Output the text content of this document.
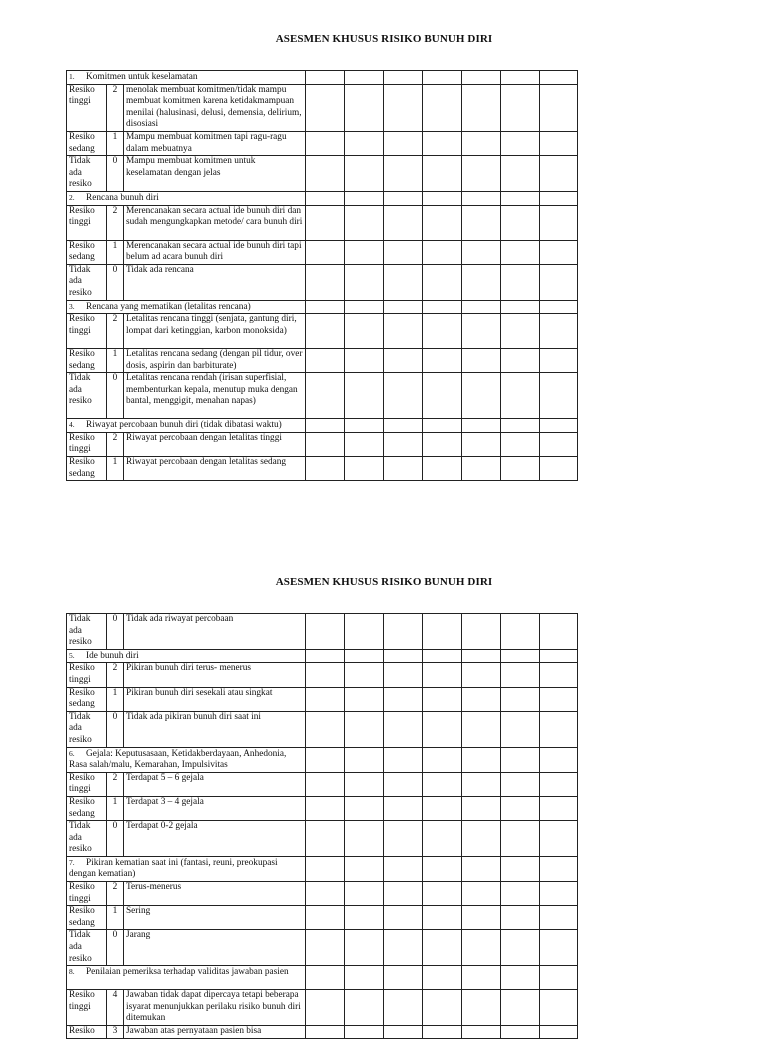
ASESMEN KHUSUS RISIKO BUNUH DIRI
1. Komitmen untuk keselamatan									
Resiko tinggi	2	menolak membuat komitmen/tidak mampu membuat komitmen karena ketidakmampuan menilai (halusinasi, delusi, demensia, delirium, disosiasi							
Resiko sedang	1	Mampu membuat komitmen tapi ragu-ragu dalam mebuatnya							
Tidak ada resiko	0	Mampu membuat komitmen untuk keselamatan dengan jelas							
2. Rencana bunuh diri									
Resiko tinggi	2	Merencanakan secara actual ide bunuh diri dan sudah mengungkapkan metode/ cara bunuh diri							
Resiko sedang	1	Merencanakan secara actual ide bunuh diri tapi belum ad acara bunuh diri							
Tidak ada resiko	0	Tidak ada rencana							
3. Rencana yang mematikan (letalitas rencana)									
Resiko tinggi	2	Letalitas rencana tinggi (senjata, gantung diri, lompat dari ketinggian, karbon monoksida)							
Resiko sedang	1	Letalitas rencana sedang (dengan pil tidur, over dosis, aspirin dan barbiturate)							
Tidak ada resiko	0	Letalitas rencana rendah (irisan superfisial, membenturkan kepala, menutup muka dengan bantal, menggigit, menahan napas)							
4. Riwayat percobaan bunuh diri (tidak dibatasi waktu)									
Resiko tinggi	2	Riwayat percobaan dengan letalitas tinggi							
Resiko sedang	1	Riwayat percobaan dengan letalitas sedang							
ASESMEN KHUSUS RISIKO BUNUH DIRI
Tidak ada resiko	0	Tidak ada riwayat percobaan							
5. Ide bunuh diri									
Resiko tinggi	2	Pikiran bunuh diri terus- menerus							
Resiko sedang	1	Pikiran bunuh diri sesekali atau singkat							
Tidak ada resiko	0	Tidak ada pikiran bunuh diri saat ini							
6. Gejala: Keputusasaan, Ketidakberdayaan, Anhedonia, Rasa salah/malu, Kemarahan, Impulsivitas									
Resiko tinggi	2	Terdapat 5 – 6 gejala							
Resiko sedang	1	Terdapat 3 – 4 gejala							
Tidak ada resiko	0	Terdapat 0-2 gejala							
7. Pikiran kematian saat ini (fantasi, reuni, preokupasi dengan kematian)									
Resiko tinggi	2	Terus-menerus							
Resiko sedang	1	Sering							
Tidak ada resiko	0	Jarang							
8. Penilaian pemeriksa terhadap validitas jawaban pasien									
Resiko tinggi	4	Jawaban tidak dapat dipercaya tetapi beberapa isyarat menunjukkan perilaku risiko bunuh diri ditemukan							
Resiko	3	Jawaban atas pernyataan pasien bisa							
